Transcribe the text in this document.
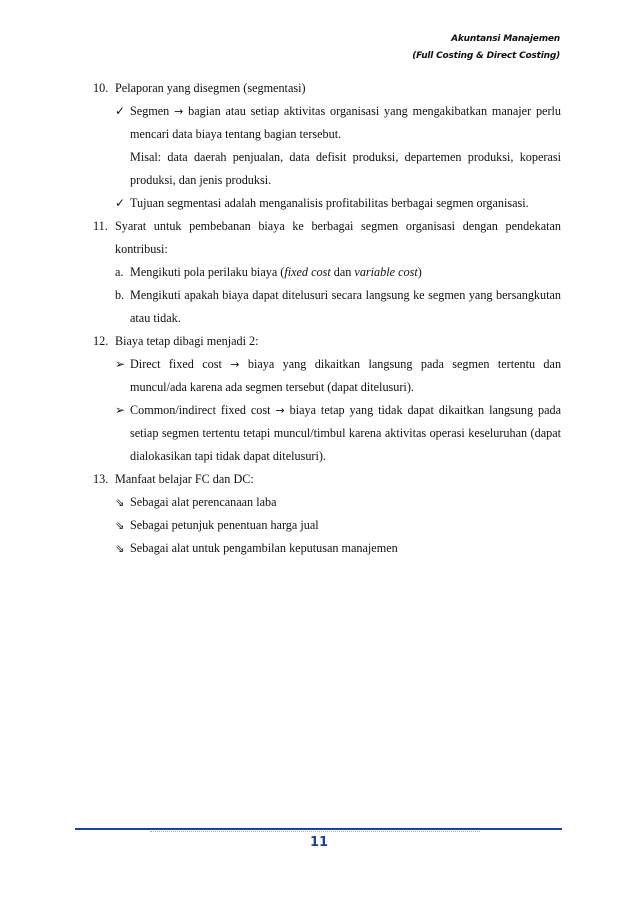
Akuntansi Manajemen
(Full Costing & Direct Costing)
10. Pelaporan yang disegmen (segmentasi)
✓ Segmen → bagian atau setiap aktivitas organisasi yang mengakibatkan manajer perlu mencari data biaya tentang bagian tersebut.
Misal: data daerah penjualan, data defisit produksi, departemen produksi, koperasi produksi, dan jenis produksi.
✓ Tujuan segmentasi adalah menganalisis profitabilitas berbagai segmen organisasi.
11. Syarat untuk pembebanan biaya ke berbagai segmen organisasi dengan pendekatan kontribusi:
a. Mengikuti pola perilaku biaya (fixed cost dan variable cost)
b. Mengikuti apakah biaya dapat ditelusuri secara langsung ke segmen yang bersangkutan atau tidak.
12. Biaya tetap dibagi menjadi 2:
➢ Direct fixed cost → biaya yang dikaitkan langsung pada segmen tertentu dan muncul/ada karena ada segmen tersebut (dapat ditelusuri).
➢ Common/indirect fixed cost → biaya tetap yang tidak dapat dikaitkan langsung pada setiap segmen tertentu tetapi muncul/timbul karena aktivitas operasi keseluruhan (dapat dialokasikan tapi tidak dapat ditelusuri).
13. Manfaat belajar FC dan DC:
⇘ Sebagai alat perencanaan laba
⇘ Sebagai petunjuk penentuan harga jual
⇘ Sebagai alat untuk pengambilan keputusan manajemen
11
